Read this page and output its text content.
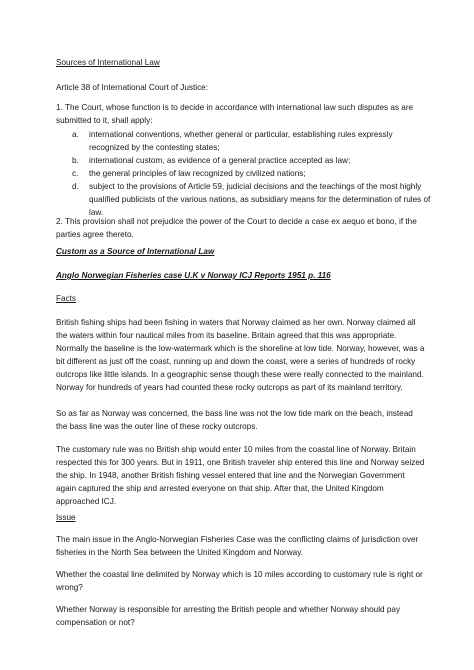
Sources of International Law

Article 38 of International Court of Justice:

1. The Court, whose function is to decide in accordance with international law such disputes as are submitted to it, shall apply:

a. international conventions, whether general or particular, establishing rules expressly recognized by the contesting states;
b. international custom, as evidence of a general practice accepted as law;
c. the general principles of law recognized by civilized nations;
d. subject to the provisions of Article 59, judicial decisions and the teachings of the most highly qualified publicists of the various nations, as subsidiary means for the determination of rules of law.

2. This provision shall not prejudice the power of the Court to decide a case ex aequo et bono, if the parties agree thereto.

Custom as a Source of International Law

Anglo Norwegian Fisheries case U.K v Norway ICJ Reports 1951 p. 116

Facts

British fishing ships had been fishing in waters that Norway claimed as her own. Norway claimed all the waters within four nautical miles from its baseline. Britain agreed that this was appropriate. Normally the baseline is the low-watermark which is the shoreline at low tide. Norway, however, was a bit different as just off the coast, running up and down the coast, were a series of hundreds of rocky outcrops like little islands. In a geographic sense though these were really connected to the mainland. Norway for hundreds of years had counted these rocky outcrops as part of its mainland territory.

So as far as Norway was concerned, the bass line was not the low tide mark on the beach, instead the bass line was the outer line of these rocky outcrops.

The customary rule was no British ship would enter 10 miles from the coastal line of Norway. Britain respected this for 300 years. But in 1911, one British traveler ship entered this line and Norway seized the ship. In 1948, another British fishing vessel entered that line and the Norwegian Government again captured the ship and arrested everyone on that ship. After that, the United Kingdom approached ICJ.

Issue

The main issue in the Anglo-Norwegian Fisheries Case was the conflicting claims of jurisdiction over fisheries in the North Sea between the United Kingdom and Norway.

Whether the coastal line delimited by Norway which is 10 miles according to customary rule is right or wrong?

Whether Norway is responsible for arresting the British people and whether Norway should pay compensation or not?
